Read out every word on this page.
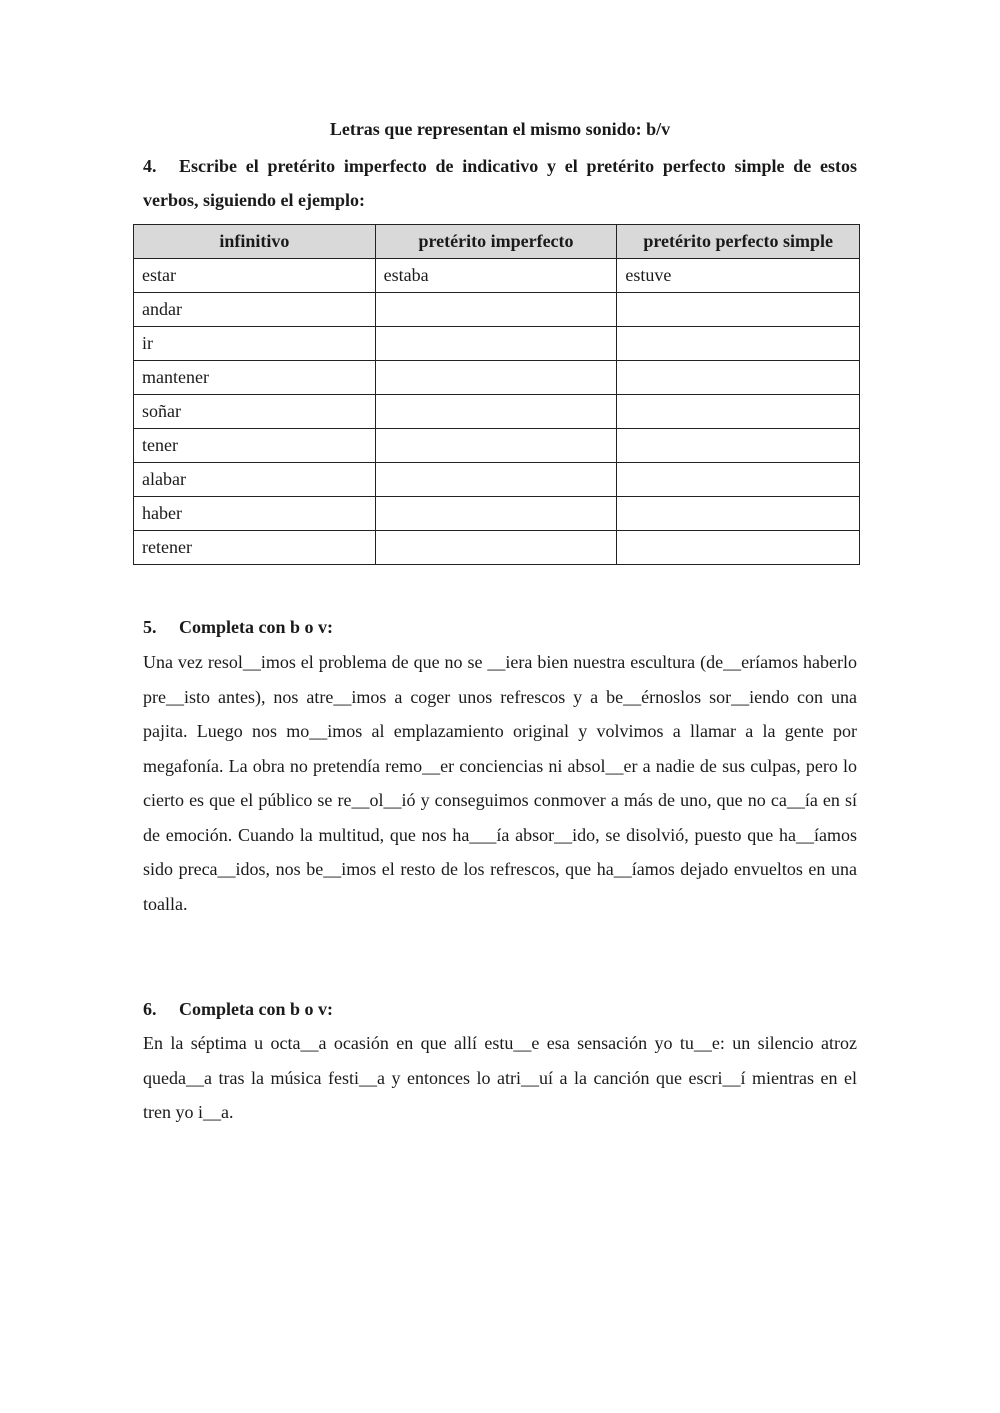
Letras que representan el mismo sonido: b/v
4. Escribe el pretérito imperfecto de indicativo y el pretérito perfecto simple de estos verbos, siguiendo el ejemplo:
infinitivo	pretérito imperfecto	pretérito perfecto simple
estar	estaba	estuve
andar		
ir		
mantener		
soñar		
tener		
alabar		
haber		
retener		
5. Completa con b o v:
Una vez resol__imos el problema de que no se __iera bien nuestra escultura (de__eríamos haberlo pre__isto antes), nos atre__imos a coger unos refrescos y a be__érnoslos sor__iendo con una pajita. Luego nos mo__imos al emplazamiento original y volvimos a llamar a la gente por megafonía. La obra no pretendía remo__er conciencias ni absol__er a nadie de sus culpas, pero lo cierto es que el público se re__ol__ió y conseguimos conmover a más de uno, que no ca__ía en sí de emoción. Cuando la multitud, que nos ha___ía absor__ido, se disolvió, puesto que ha__íamos sido preca__idos, nos be__imos el resto de los refrescos, que ha__íamos dejado envueltos en una toalla.
6. Completa con b o v:
En la séptima u octa__a ocasión en que allí estu__e esa sensación yo tu__e: un silencio atroz queda__a tras la música festi__a y entonces lo atri__uí a la canción que escri__í mientras en el tren yo i__a.
